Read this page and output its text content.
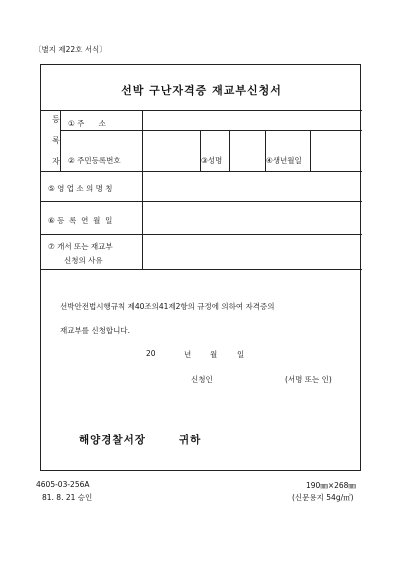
〔별지 제22호 서식〕
선박 구난자격증 재교부신청서
등
록
자
① 주      소
② 주민등록번호	③성명	④생년월일
⑤ 영 업 소 의 명 칭
⑥ 등  록  연  월  일
⑦ 개서 또는 재교부
신청의 사유
선박안전법시행규칙 제40조의41제2항의 규정에 의하여 자격증의
재교부를 신청합니다.
20	년	월	일
신청인	(서명 또는 인)
해양경찰서장	귀하
4605-03-256A
81. 8. 21 승인
190㎜×268㎜
(신문용지 54g/㎡)
